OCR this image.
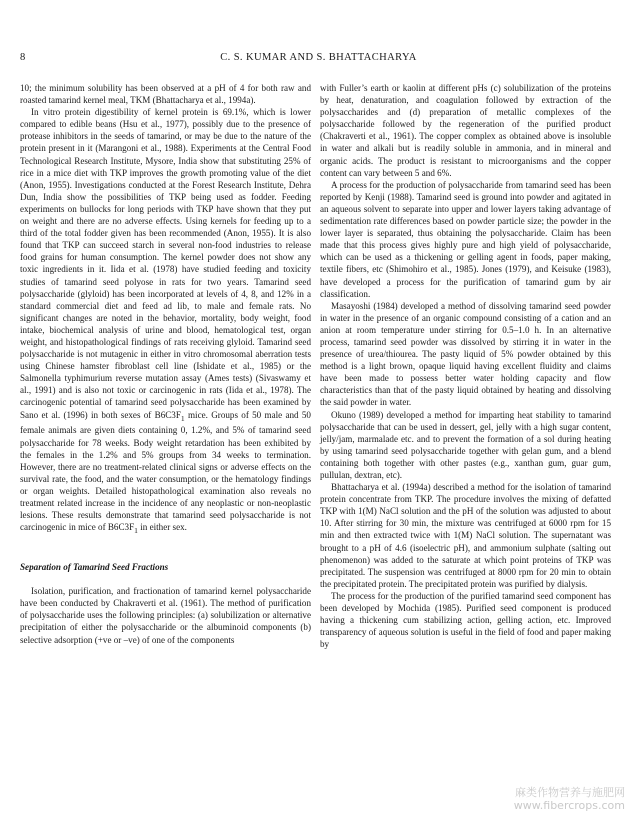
8	C. S. KUMAR AND S. BHATTACHARYA

10; the minimum solubility has been observed at a pH of 4 for both raw and roasted tamarind kernel meal, TKM (Bhattacharya et al., 1994a).

In vitro protein digestibility of kernel protein is 69.1%, which is lower compared to edible beans (Hsu et al., 1977), possibly due to the presence of protease inhibitors in the seeds of tamarind, or may be due to the nature of the protein present in it (Marangoni et al., 1988). Experiments at the Central Food Technological Research Institute, Mysore, India show that substituting 25% of rice in a mice diet with TKP improves the growth promoting value of the diet (Anon, 1955). Investigations conducted at the Forest Research Institute, Dehra Dun, India show the possibilities of TKP being used as fodder. Feeding experiments on bullocks for long periods with TKP have shown that they put on weight and there are no adverse effects. Using kernels for feeding up to a third of the total fodder given has been recommended (Anon, 1955). It is also found that TKP can succeed starch in several non-food industries to release food grains for human consumption. The kernel powder does not show any toxic ingredients in it. Iida et al. (1978) have studied feeding and toxicity studies of tamarind seed polyose in rats for two years. Tamarind seed polysaccharide (glyloid) has been incorporated at levels of 4, 8, and 12% in a standard commercial diet and feed ad lib, to male and female rats. No significant changes are noted in the behavior, mortality, body weight, food intake, biochemical analysis of urine and blood, hematological test, organ weight, and histopathological findings of rats receiving glyloid. Tamarind seed polysaccharide is not mutagenic in either in vitro chromosomal aberration tests using Chinese hamster fibroblast cell line (Ishidate et al., 1985) or the Salmonella typhimurium reverse mutation assay (Ames tests) (Sivaswamy et al., 1991) and is also not toxic or carcinogenic in rats (Iida et al., 1978). The carcinogenic potential of tamarind seed polysaccharide has been examined by Sano et al. (1996) in both sexes of $B6C3F_1$ mice. Groups of 50 male and 50 female animals are given diets containing 0, 1.2%, and 5% of tamarind seed polysaccharide for 78 weeks. Body weight retardation has been exhibited by the females in the 1.2% and 5% groups from 34 weeks to termination. However, there are no treatment-related clinical signs or adverse effects on the survival rate, the food, and the water consumption, or the hematology findings or organ weights. Detailed histopathological examination also reveals no treatment related increase in the incidence of any neoplastic or non-neoplastic lesions. These results demonstrate that tamarind seed polysaccharide is not carcinogenic in mice of $B6C3F_1$ in either sex.

Separation of Tamarind Seed Fractions

Isolation, purification, and fractionation of tamarind kernel polysaccharide have been conducted by Chakraverti et al. (1961). The method of purification of polysaccharide uses the following principles: (a) solubilization or alternative precipitation of either the polysaccharide or the albuminoid components (b) selective adsorption (+ve or –ve) of one of the components

with Fuller’s earth or kaolin at different pHs (c) solubilization of the proteins by heat, denaturation, and coagulation followed by extraction of the polysaccharides and (d) preparation of metallic complexes of the polysaccharide followed by the regeneration of the purified product (Chakraverti et al., 1961). The copper complex as obtained above is insoluble in water and alkali but is readily soluble in ammonia, and in mineral and organic acids. The product is resistant to microorganisms and the copper content can vary between 5 and 6%.

A process for the production of polysaccharide from tamarind seed has been reported by Kenji (1988). Tamarind seed is ground into powder and agitated in an aqueous solvent to separate into upper and lower layers taking advantage of sedimentation rate differences based on powder particle size; the powder in the lower layer is separated, thus obtaining the polysaccharide. Claim has been made that this process gives highly pure and high yield of polysaccharide, which can be used as a thickening or gelling agent in foods, paper making, textile fibers, etc (Shimohiro et al., 1985). Jones (1979), and Keisuke (1983), have developed a process for the purification of tamarind gum by air classification.

Masayoshi (1984) developed a method of dissolving tamarind seed powder in water in the presence of an organic compound consisting of a cation and an anion at room temperature under stirring for 0.5–1.0 h. In an alternative process, tamarind seed powder was dissolved by stirring it in water in the presence of urea/thiourea. The pasty liquid of 5% powder obtained by this method is a light brown, opaque liquid having excellent fluidity and claims have been made to possess better water holding capacity and flow characteristics than that of the pasty liquid obtained by heating and dissolving the said powder in water.

Okuno (1989) developed a method for imparting heat stability to tamarind polysaccharide that can be used in dessert, gel, jelly with a high sugar content, jelly/jam, marmalade etc. and to prevent the formation of a sol during heating by using tamarind seed polysaccharide together with gelan gum, and a blend containing both together with other pastes (e.g., xanthan gum, guar gum, pullulan, dextran, etc).

Bhattacharya et al. (1994a) described a method for the isolation of tamarind protein concentrate from TKP. The procedure involves the mixing of defatted TKP with 1(M) NaCl solution and the pH of the solution was adjusted to about 10. After stirring for 30 min, the mixture was centrifuged at 6000 rpm for 15 min and then extracted twice with 1(M) NaCl solution. The supernatant was brought to a pH of 4.6 (isoelectric pH), and ammonium sulphate (salting out phenomenon) was added to the saturate at which point proteins of TKP was precipitated. The suspension was centrifuged at 8000 rpm for 20 min to obtain the precipitated protein. The precipitated protein was purified by dialysis.

The process for the production of the purified tamarind seed component has been developed by Mochida (1985). Purified seed component is produced having a thickening cum stabilizing action, gelling action, etc. Improved transparency of aqueous solution is useful in the field of food and paper making by

麻类作物营养与施肥网
www.fibercrops.com
